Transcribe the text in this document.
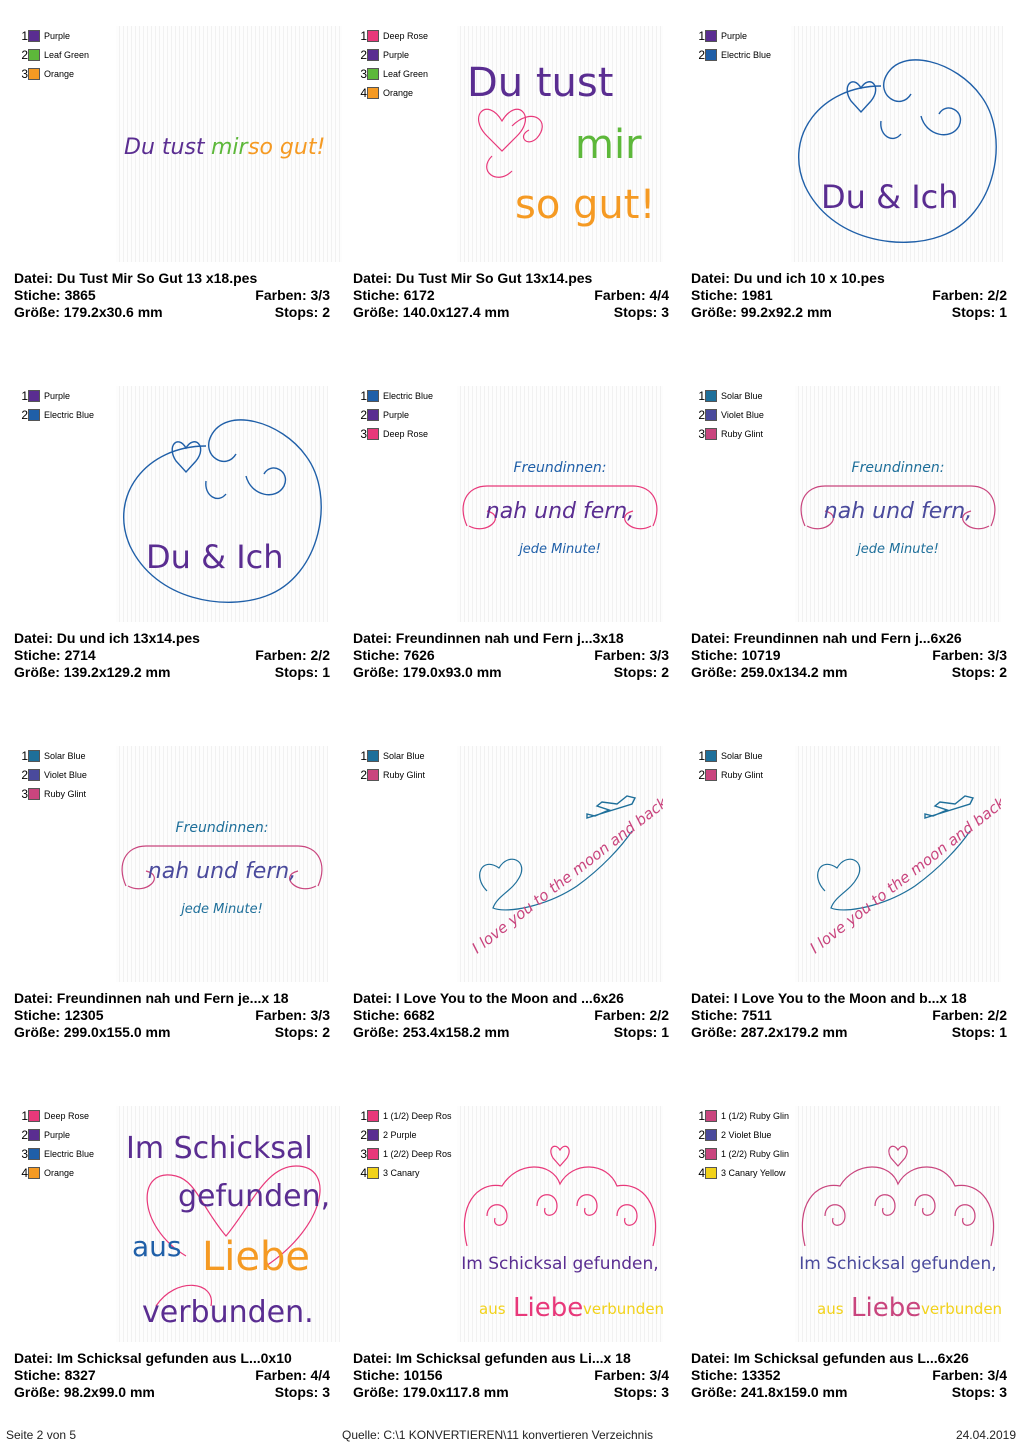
1 Purple
2 Leaf Green
3 Orange
Du tust mir so gut!
Datei: Du Tust Mir So Gut 13 x18.pes
Stiche: 3865	Farben: 3/3
Größe: 179.2x30.6 mm	Stops: 2
1 Deep Rose
2 Purple
3 Leaf Green
4 Orange Du tust
mir
so gut!
Datei: Du Tust Mir So Gut 13x14.pes
Stiche: 6172	Farben: 4/4
Größe: 140.0x127.4 mm	Stops: 3
1 Purple
2 Electric Blue
Du & Ich
Datei: Du und ich 10 x 10.pes
Stiche: 1981	Farben: 2/2
Größe: 99.2x92.2 mm	Stops: 1
1 Purple
2 Electric Blue
Du & Ich
Datei: Du und ich 13x14.pes
Stiche: 2714	Farben: 2/2
Größe: 139.2x129.2 mm	Stops: 1
1 Electric Blue
2 Purple
3 Deep Rose
Freundinnen:
nah und fern,
jede Minute!
Datei: Freundinnen nah und Fern j...3x18
Stiche: 7626	Farben: 3/3
Größe: 179.0x93.0 mm	Stops: 2
1 Solar Blue
2 Violet Blue
3 Ruby Glint
Freundinnen:
nah und fern,
jede Minute!
Datei: Freundinnen nah und Fern j...6x26
Stiche: 10719	Farben: 3/3
Größe: 259.0x134.2 mm	Stops: 2
1 Solar Blue
2 Violet Blue
3 Ruby Glint
Freundinnen:
nah und fern,
jede Minute!
Datei: Freundinnen nah und Fern je...x 18
Stiche: 12305	Farben: 3/3
Größe: 299.0x155.0 mm	Stops: 2
1 Solar Blue
2 Ruby Glint
I love you to the moon and back!
Datei: I Love You to the Moon and ...6x26
Stiche: 6682	Farben: 2/2
Größe: 253.4x158.2 mm	Stops: 1
1 Solar Blue
2 Ruby Glint
I love you to the moon and back!
Datei: I Love You to the Moon and b...x 18
Stiche: 7511	Farben: 2/2
Größe: 287.2x179.2 mm	Stops: 1
1 Deep Rose
2 Purple
3 Electric Blue
4 Orange
Im Schicksal
gefunden,
aus Liebe
verbunden.
Datei: Im Schicksal gefunden aus L...0x10
Stiche: 8327	Farben: 4/4
Größe: 98.2x99.0 mm	Stops: 3
1 1 (1/2) Deep Ros
2 2 Purple
3 1 (2/2) Deep Ros
4 3 Canary
Im Schicksal gefunden,
aus Liebe verbunden
Datei: Im Schicksal gefunden aus Li...x 18
Stiche: 10156	Farben: 3/4
Größe: 179.0x117.8 mm	Stops: 3
1 1 (1/2) Ruby Glin
2 2 Violet Blue
3 1 (2/2) Ruby Glin
4 3 Canary Yellow
Im Schicksal gefunden,
aus Liebe verbunden
Datei: Im Schicksal gefunden aus L...6x26
Stiche: 13352	Farben: 3/4
Größe: 241.8x159.0 mm	Stops: 3
Seite 2 von 5	Quelle: C:\1 KONVERTIEREN\11 konvertieren Verzeichnis	24.04.2019
